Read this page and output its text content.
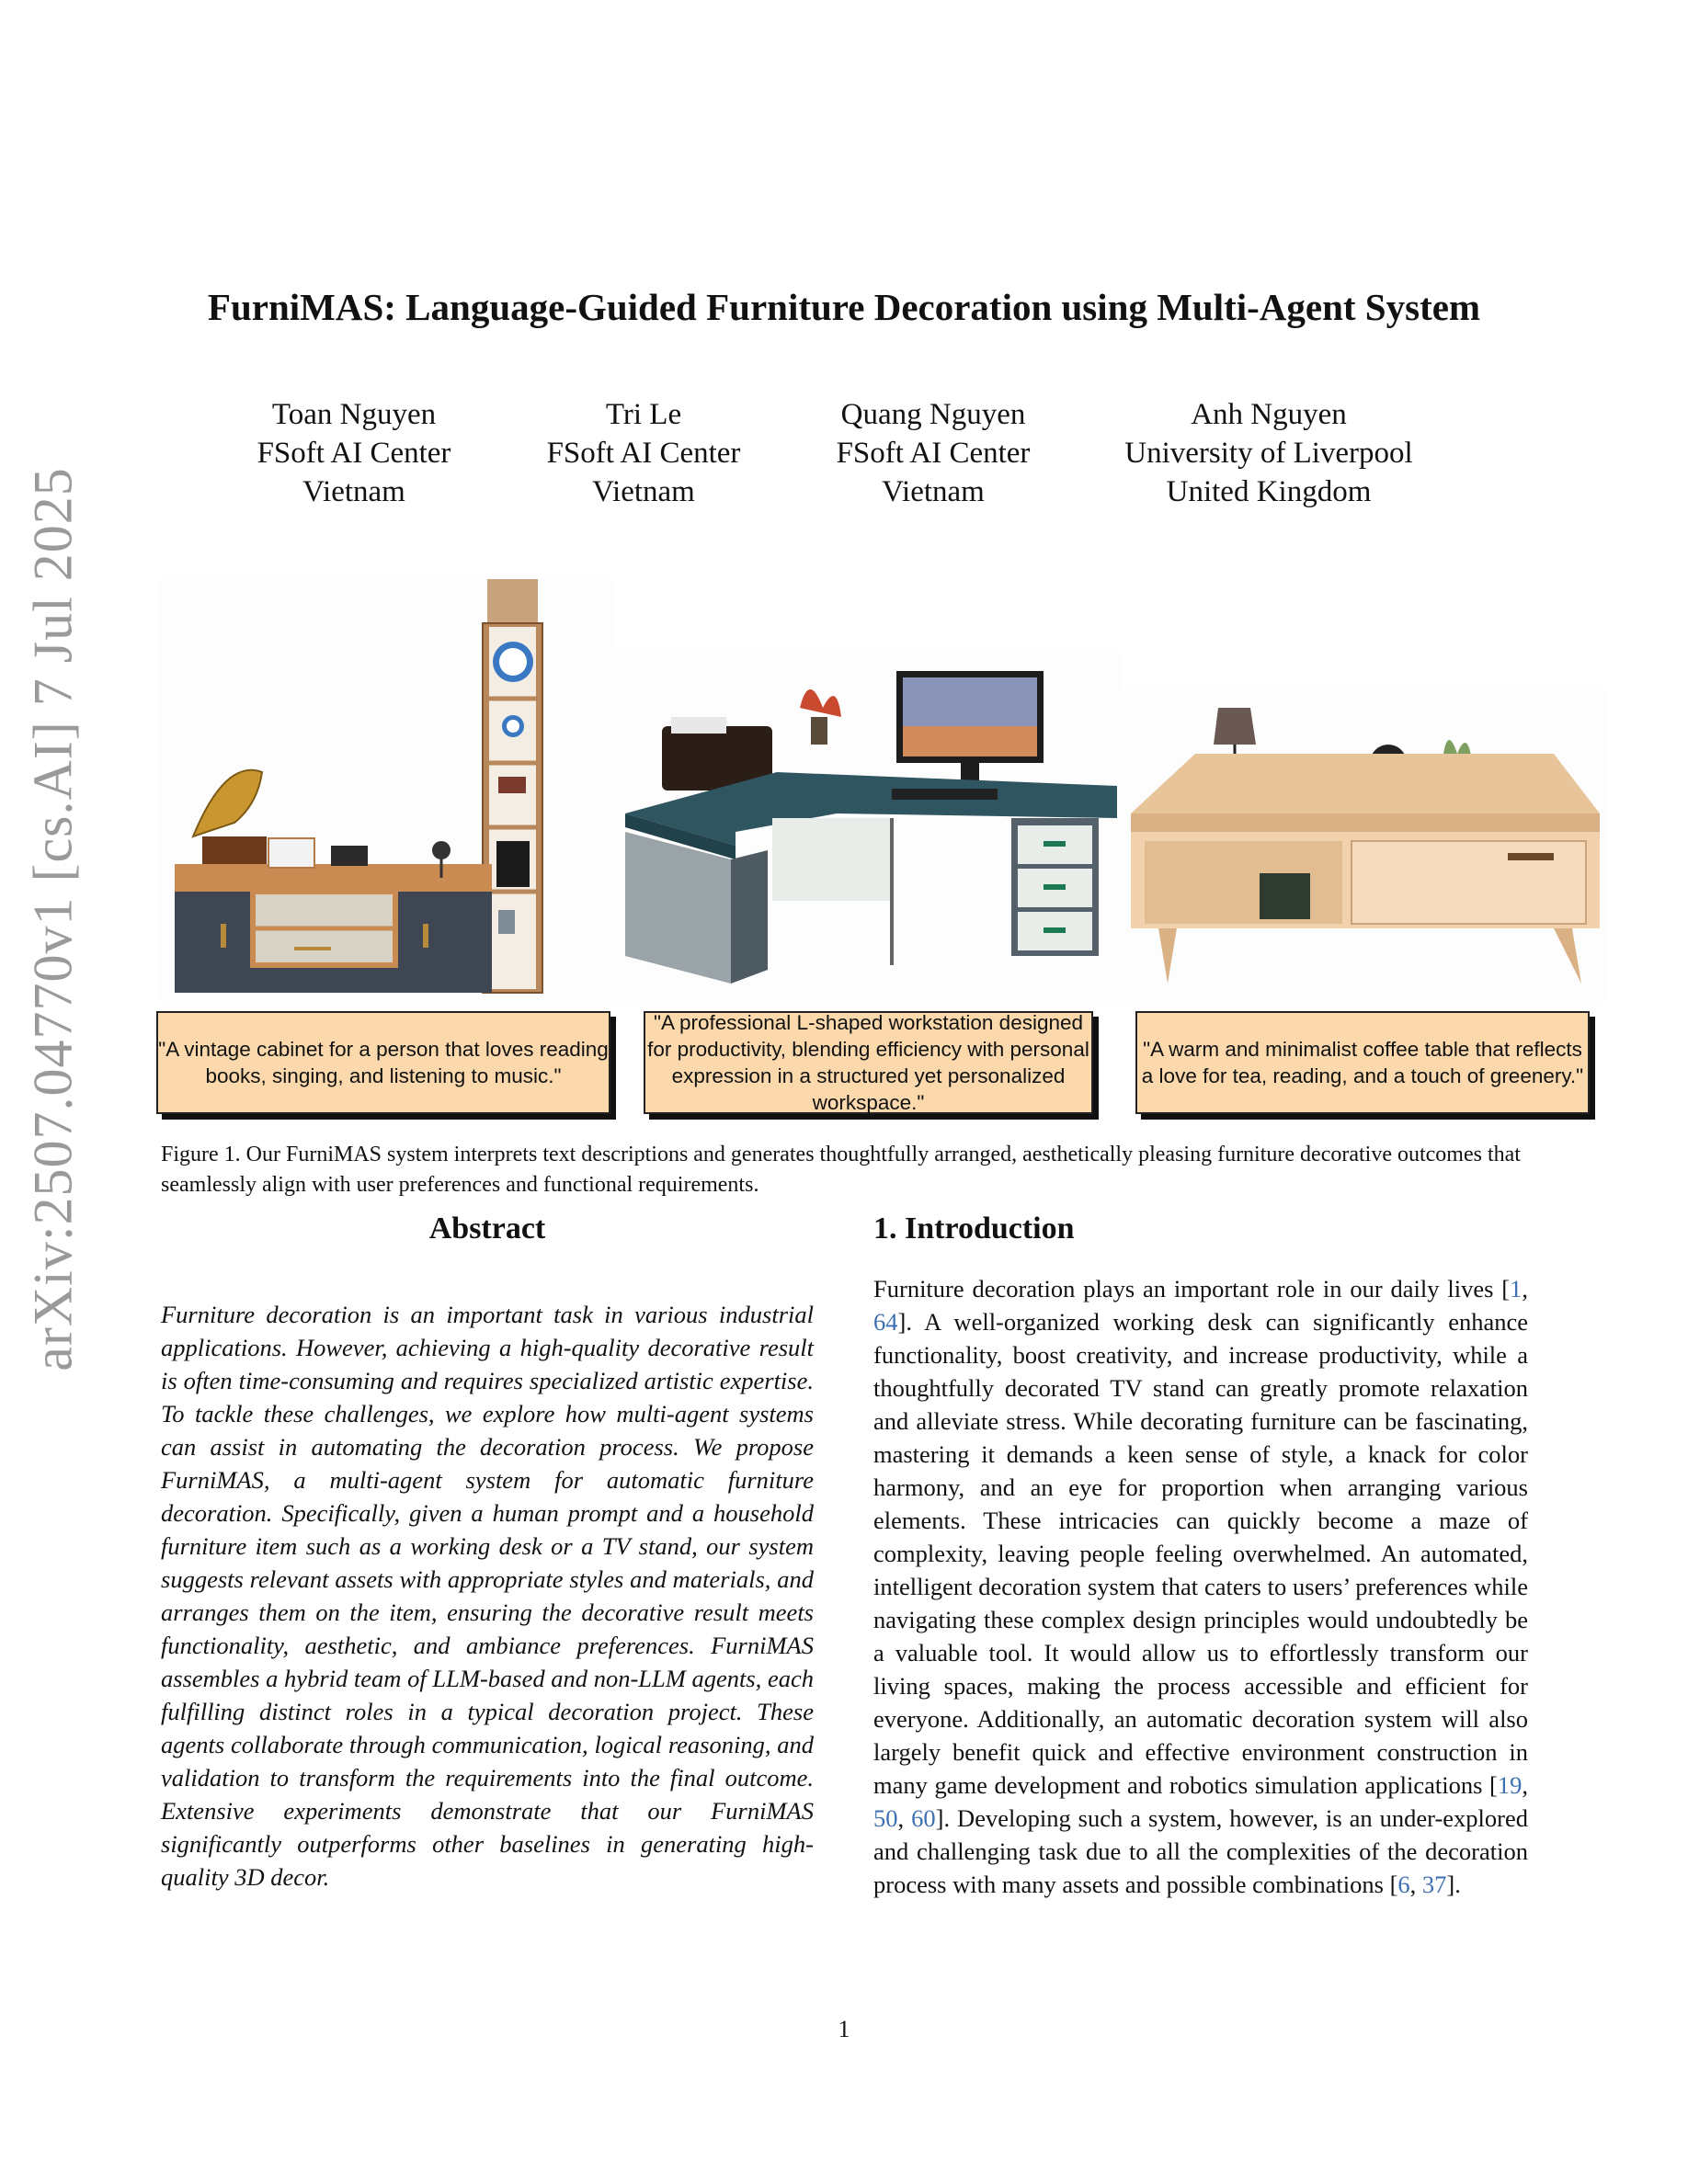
arXiv:2507.04770v1 [cs.AI] 7 Jul 2025
FurniMAS: Language-Guided Furniture Decoration using Multi-Agent System
Toan Nguyen
FSoft AI Center
Vietnam
Tri Le
FSoft AI Center
Vietnam
Quang Nguyen
FSoft AI Center
Vietnam
Anh Nguyen
University of Liverpool
United Kingdom
"A vintage cabinet for a person that loves reading books, singing, and listening to music."
"A professional L-shaped workstation designed for productivity, blending efficiency with personal expression in a structured yet personalized workspace."
"A warm and minimalist coffee table that reflects a love for tea, reading, and a touch of greenery."
Figure 1. Our FurniMAS system interprets text descriptions and generates thoughtfully arranged, aesthetically pleasing furniture decorative outcomes that seamlessly align with user preferences and functional requirements.
Abstract
Furniture decoration is an important task in various industrial applications. However, achieving a high-quality decorative result is often time-consuming and requires specialized artistic expertise. To tackle these challenges, we explore how multi-agent systems can assist in automating the decoration process. We propose FurniMAS, a multi-agent system for automatic furniture decoration. Specifically, given a human prompt and a household furniture item such as a working desk or a TV stand, our system suggests relevant assets with appropriate styles and materials, and arranges them on the item, ensuring the decorative result meets functionality, aesthetic, and ambiance preferences. FurniMAS assembles a hybrid team of LLM-based and non-LLM agents, each fulfilling distinct roles in a typical decoration project. These agents collaborate through communication, logical reasoning, and validation to transform the requirements into the final outcome. Extensive experiments demonstrate that our FurniMAS significantly outperforms other baselines in generating high-quality 3D decor.
1. Introduction
Furniture decoration plays an important role in our daily lives [1, 64]. A well-organized working desk can significantly enhance functionality, boost creativity, and increase productivity, while a thoughtfully decorated TV stand can greatly promote relaxation and alleviate stress. While decorating furniture can be fascinating, mastering it demands a keen sense of style, a knack for color harmony, and an eye for proportion when arranging various elements. These intricacies can quickly become a maze of complexity, leaving people feeling overwhelmed. An automated, intelligent decoration system that caters to users’ preferences while navigating these complex design principles would undoubtedly be a valuable tool. It would allow us to effortlessly transform our living spaces, making the process accessible and efficient for everyone. Additionally, an automatic decoration system will also largely benefit quick and effective environment construction in many game development and robotics simulation applications [19, 50, 60]. Developing such a system, however, is an under-explored and challenging task due to all the complexities of the decoration process with many assets and possible combinations [6, 37].
1
